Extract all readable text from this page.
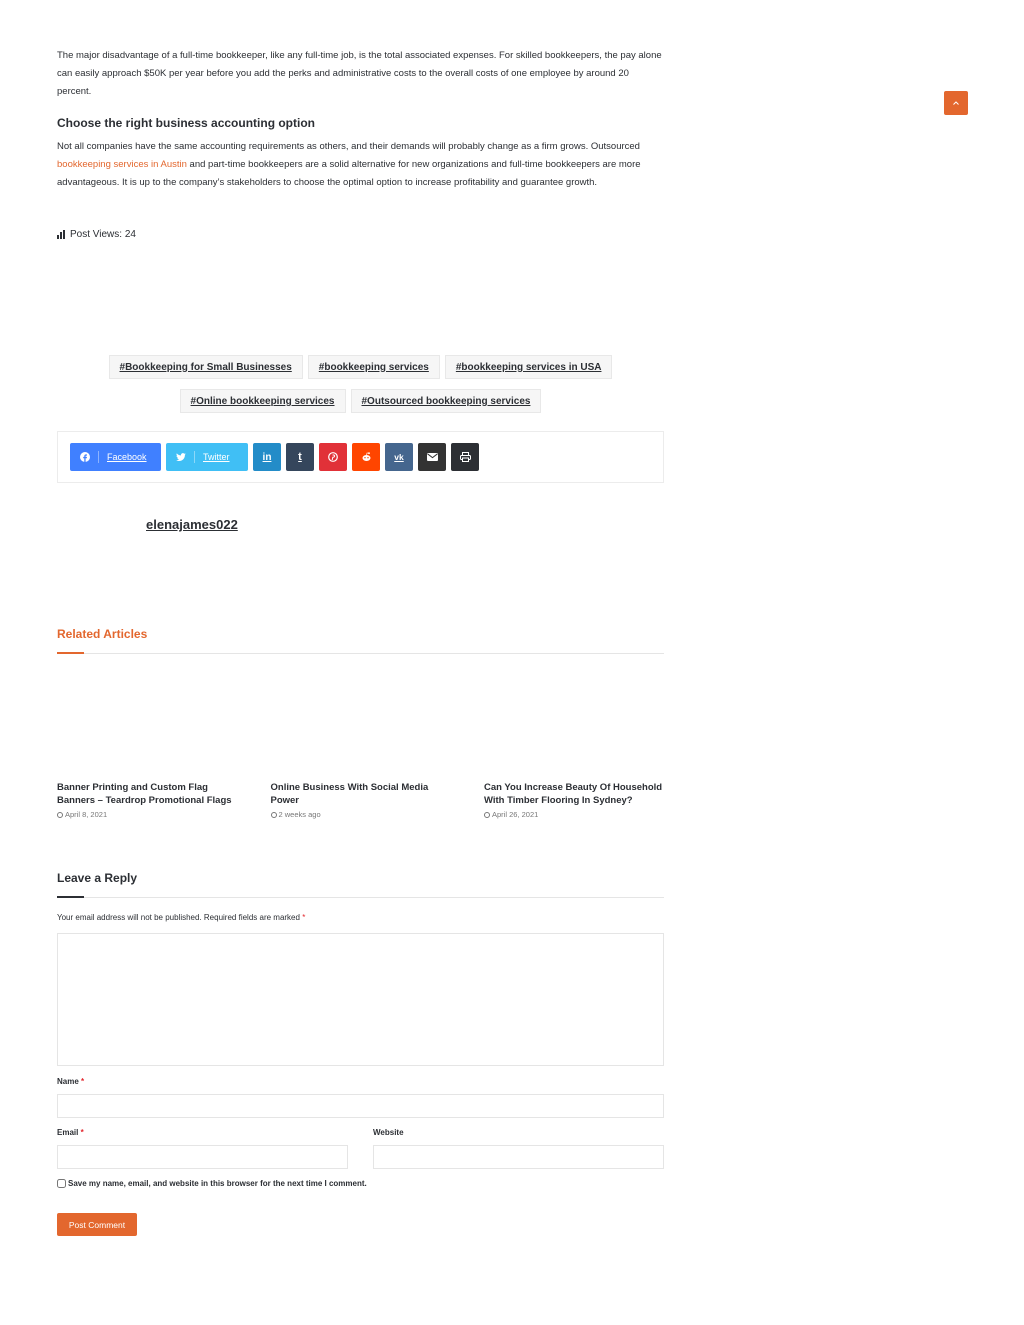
The major disadvantage of a full-time bookkeeper, like any full-time job, is the total associated expenses. For skilled bookkeepers, the pay alone can easily approach $50K per year before you add the perks and administrative costs to the overall costs of one employee by around 20 percent.

Choose the right business accounting option

Not all companies have the same accounting requirements as others, and their demands will probably change as a firm grows. Outsourced bookkeeping services in Austin and part-time bookkeepers are a solid alternative for new organizations and full-time bookkeepers are more advantageous. It is up to the company’s stakeholders to choose the optimal option to increase profitability and guarantee growth.

Post Views: 24
#Bookkeeping for Small Businesses	#bookkeeping services	#bookkeeping services in USA
#Online bookkeeping services	#Outsourced bookkeeping services
Facebook	Twitter	in t	vk
elenajames022
Related Articles

Banner Printing and Custom Flag Banners – Teardrop Promotional Flags

April 8, 2021

Online Business With Social Media Power

2 weeks ago

Can You Increase Beauty Of Household With Timber Flooring In Sydney?

April 26, 2021
Leave a Reply
Your email address will not be published. Required fields are marked *
Name *
Email *	Website
Save my name, email, and website in this browser for the next time I comment.
Post Comment
